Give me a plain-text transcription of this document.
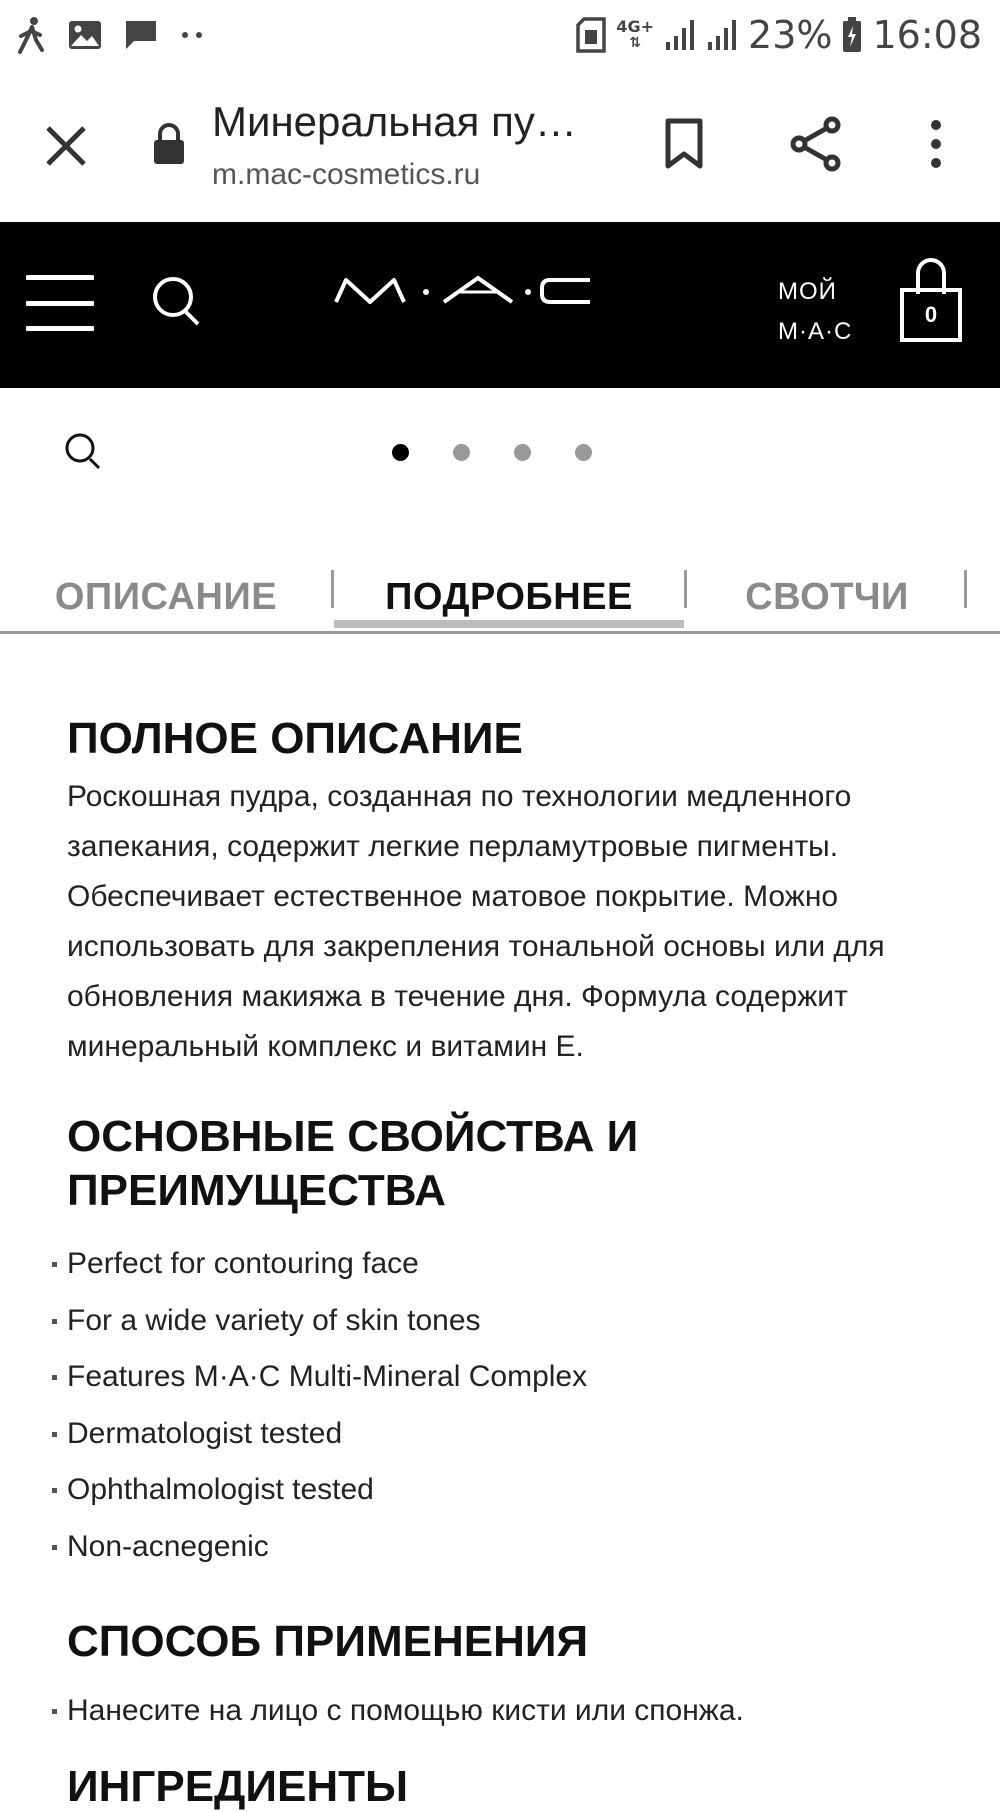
4G+
⇅	23% 16:08
Минеральная пу…
m.mac-cosmetics.ru
МОЙ
M·A·C
0
ОПИСАНИЕ	ПОДРОБНЕЕ	СВОТЧИ
ПОЛНОЕ ОПИСАНИЕ
Роскошная пудра, созданная по технологии медленного запекания, содержит легкие перламутровые пигменты. Обеспечивает естественное матовое покрытие. Можно использовать для закрепления тональной основы или для обновления макияжа в течение дня. Формула содержит минеральный комплекс и витамин Е.
ОСНОВНЫЕ СВОЙСТВА И ПРЕИМУЩЕСТВА
Perfect for contouring face
For a wide variety of skin tones
Features M·A·C Multi-Mineral Complex
Dermatologist tested
Ophthalmologist tested
Non-acnegenic
СПОСОБ ПРИМЕНЕНИЯ
Нанесите на лицо с помощью кисти или спонжа.
ИНГРЕДИЕНТЫ
